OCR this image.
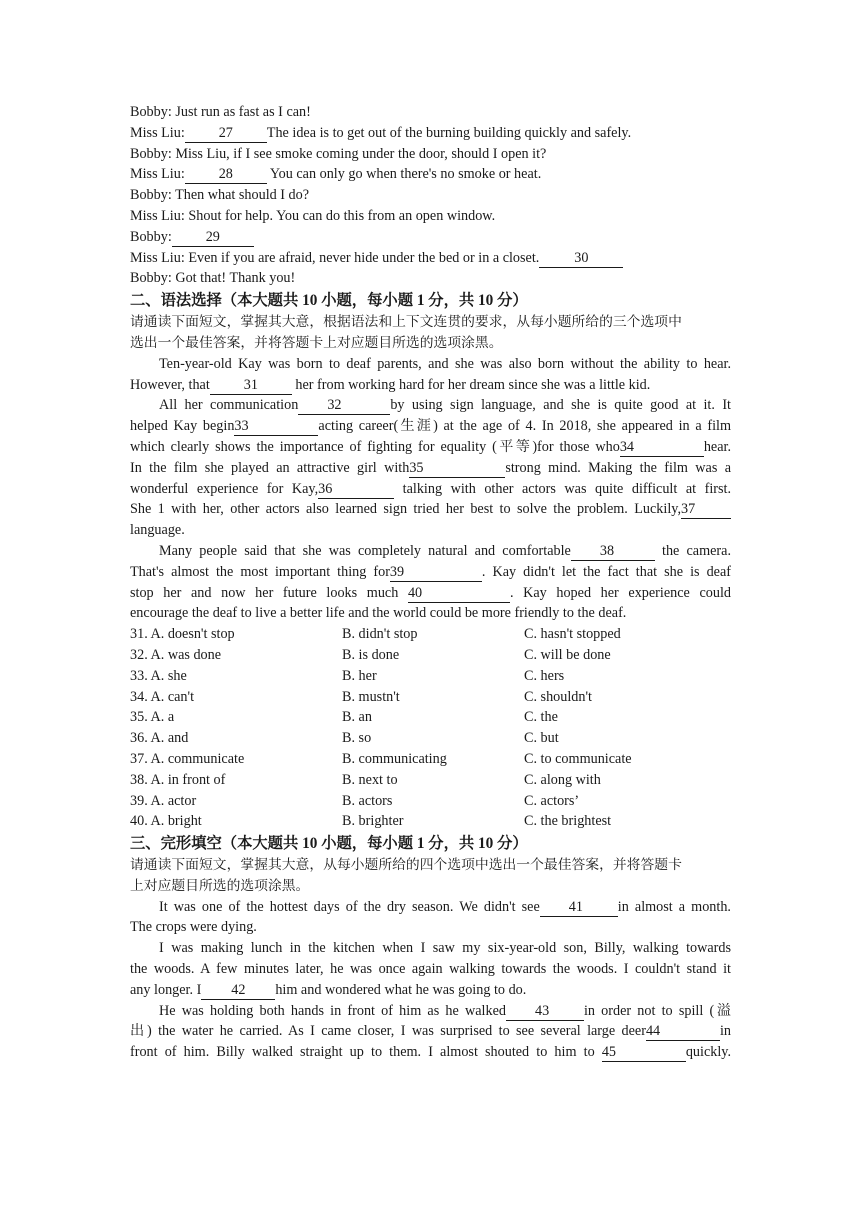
Bobby: Just run as fast as I can!
Miss Liu: 27 The idea is to get out of the burning building quickly and safely.
Bobby: Miss Liu, if I see smoke coming under the door, should I open it?
Miss Liu: 28 You can only go when there's no smoke or heat.
Bobby: Then what should I do?
Miss Liu: Shout for help. You can do this from an open window.
Bobby: 29
Miss Liu: Even if you are afraid, never hide under the bed or in a closet. 30
Bobby: Got that! Thank you!
二、语法选择（本大题共 10 小题，每小题 1 分，共 10 分）
请通读下面短文，掌握其大意，根据语法和上下文连贯的要求，从每小题所给的三个选项中
选出一个最佳答案，并将答题卡上对应题目所选的选项涂黑。
Ten-year-old Kay was born to deaf parents, and she was also born without the ability to hear.
However, that 31 her from working hard for her dream since she was a little kid.
All her communication 32	by using sign language, and she is quite good at it. It
helped Kay begin33	acting career(生涯) at the age of 4. In 2018, she appeared in a film
which clearly shows the importance of fighting for equality (平等)for those who34	hear.
In the film she played an attractive girl with35	strong mind. Making the film was a
wonderful experience for Kay,36	talking with other actors was quite difficult at first.
She 1 with her, other actors also learned sign tried her best to solve the problem. Luckily,37
language.
Many people said that she was completely natural and comfortable 38	the camera.
That's almost the most important thing for39	. Kay didn't let the fact that she is deaf
stop her and now her future looks much 40	. Kay hoped her experience could
encourage the deaf to live a better life and the world could be more friendly to the deaf.
31. A. doesn't stop	B. didn't stop	C. hasn't stopped
32. A. was done	B. is done	C. will be done
33. A. she	B. her	C. hers
34. A. can't	B. mustn't	C. shouldn't
35. A. a	B. an	C. the
36. A. and	B. so	C. but
37. A. communicate	B. communicating	C. to communicate
38. A. in front of	B. next to	C. along with
39. A. actor	B. actors	C. actors’
40. A. bright	B. brighter	C. the brightest
三、完形填空（本大题共 10 小题，每小题 1 分，共 10 分）
请通读下面短文，掌握其大意，从每小题所给的四个选项中选出一个最佳答案，并将答题卡
上对应题目所选的选项涂黑。
It was one of the hottest days of the dry season. We didn't see 41 in almost a month.
The crops were dying.
I was making lunch in the kitchen when I saw my six-year-old son, Billy, walking towards
the woods. A few minutes later, he was once again walking towards the woods. I couldn't stand it
any longer. I 42 him and wondered what he was going to do.
He was holding both hands in front of him as he walked 43 in order not to spill (溢
出) the water he carried. As I came closer, I was surprised to see several large deer44	in
front of him. Billy walked straight up to them. I almost shouted to him to 45	quickly.
